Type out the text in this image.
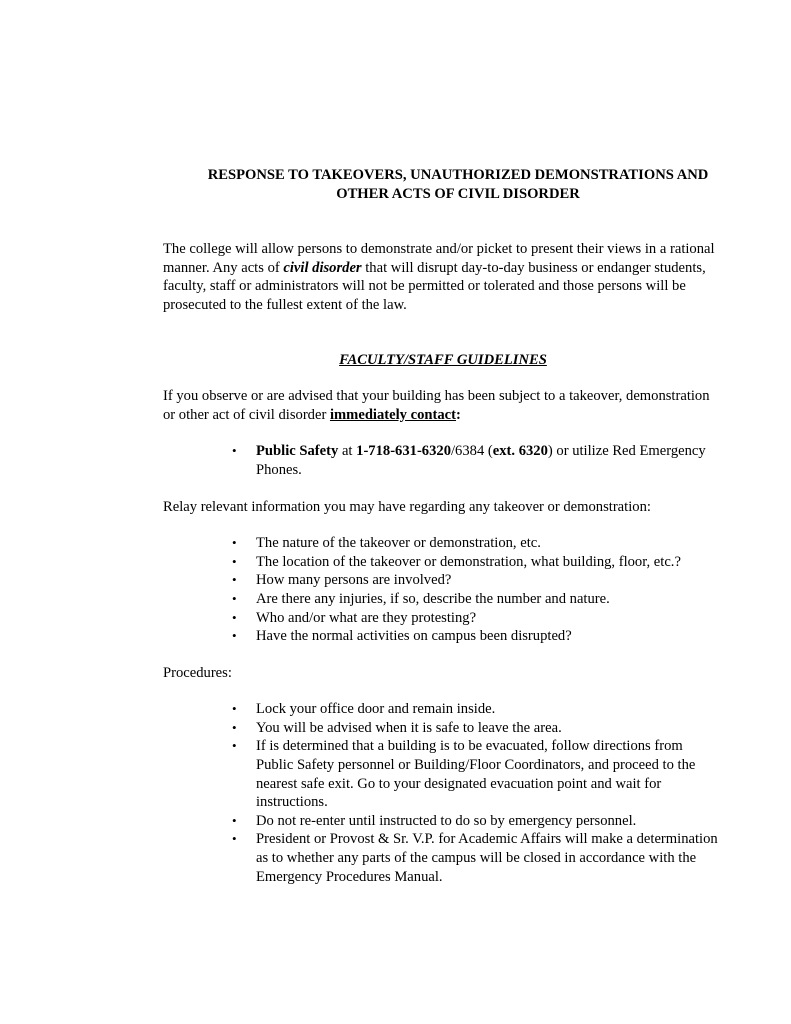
RESPONSE TO TAKEOVERS, UNAUTHORIZED DEMONSTRATIONS AND
OTHER ACTS OF CIVIL DISORDER

The college will allow persons to demonstrate and/or picket to present their views in a rational manner. Any acts of civil disorder that will disrupt day-to-day business or endanger students, faculty, staff or administrators will not be permitted or tolerated and those persons will be prosecuted to the fullest extent of the law.

FACULTY/STAFF GUIDELINES

If you observe or are advised that your building has been subject to a takeover, demonstration or other act of civil disorder immediately contact:

• Public Safety at 1-718-631-6320/6384 (ext. 6320) or utilize Red Emergency Phones.

Relay relevant information you may have regarding any takeover or demonstration:

• The nature of the takeover or demonstration, etc.
• The location of the takeover or demonstration, what building, floor, etc.?
• How many persons are involved?
• Are there any injuries, if so, describe the number and nature.
• Who and/or what are they protesting?
• Have the normal activities on campus been disrupted?

Procedures:

• Lock your office door and remain inside.
• You will be advised when it is safe to leave the area.
• If is determined that a building is to be evacuated, follow directions from Public Safety personnel or Building/Floor Coordinators, and proceed to the nearest safe exit. Go to your designated evacuation point and wait for instructions.
• Do not re-enter until instructed to do so by emergency personnel.
• President or Provost & Sr. V.P. for Academic Affairs will make a determination as to whether any parts of the campus will be closed in accordance with the Emergency Procedures Manual.
